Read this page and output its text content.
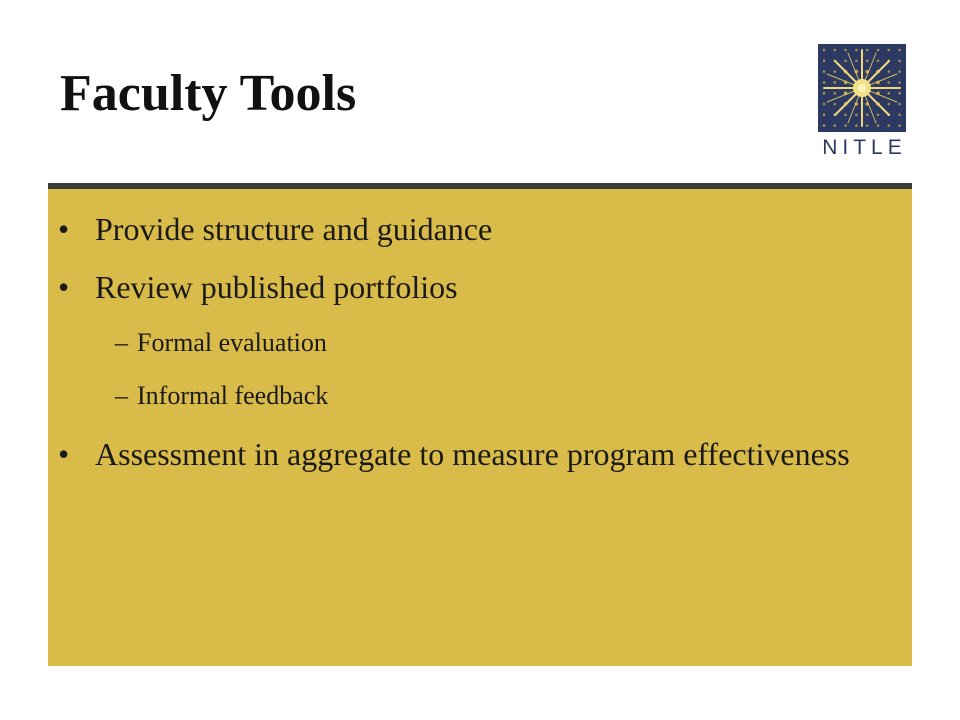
Faculty Tools
NITLE
• Provide structure and guidance
• Review published portfolios
– Formal evaluation
– Informal feedback
• Assessment in aggregate to measure program effectiveness
